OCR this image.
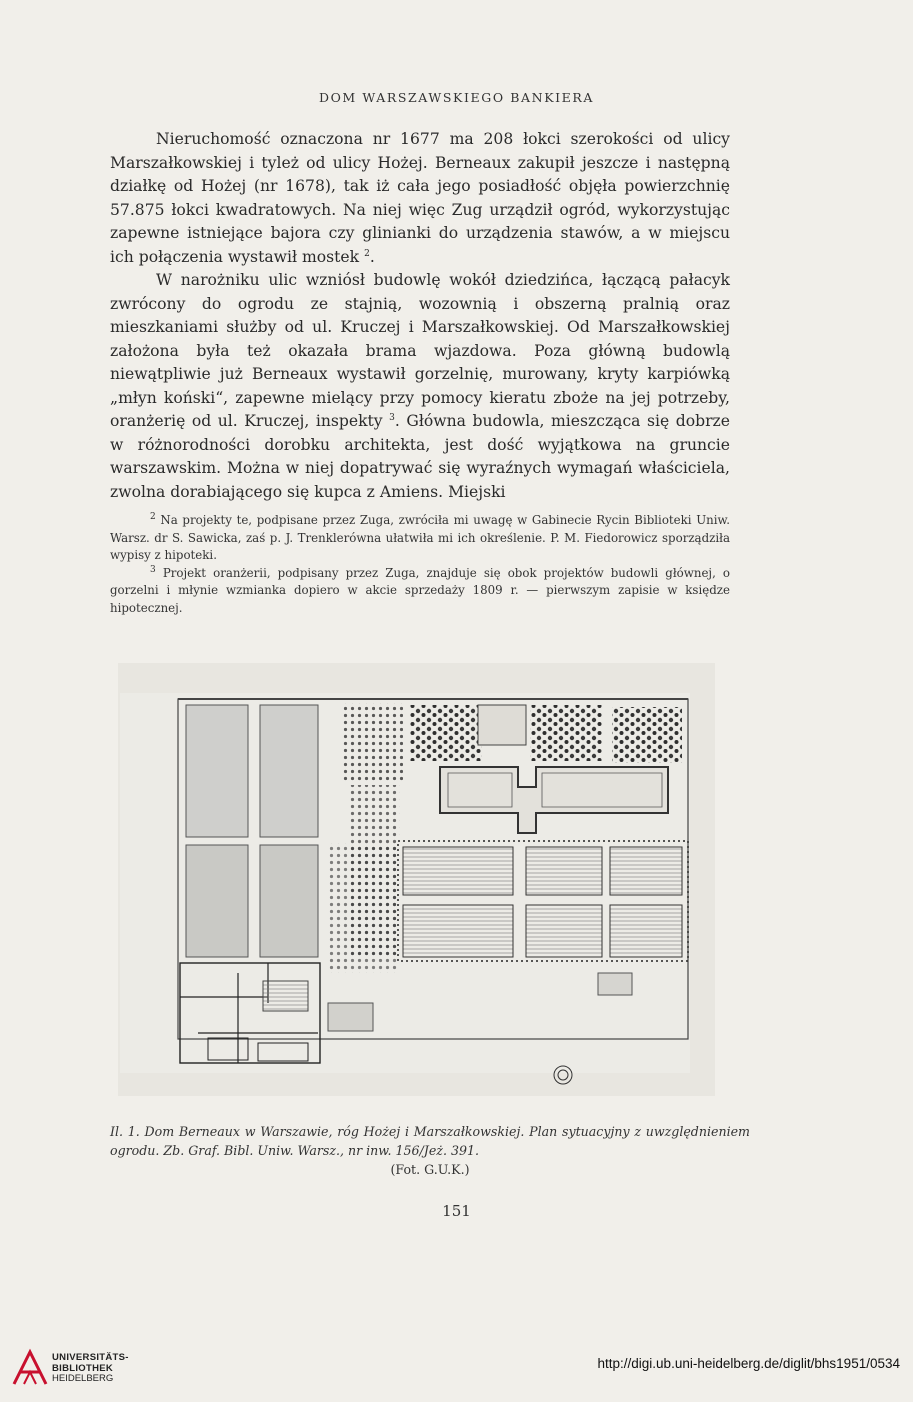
DOM WARSZAWSKIEGO BANKIERA

Nieruchomość oznaczona nr 1677 ma 208 łokci szerokości od ulicy Marszałkowskiej i tyleż od ulicy Hożej. Berneaux zakupił jeszcze i następną działkę od Hożej (nr 1678), tak iż cała jego posiadłość objęła powierzchnię 57.875 łokci kwadratowych. Na niej więc Zug urządził ogród, wykorzystując zapewne istniejące bajora czy glinianki do urządzenia stawów, a w miejscu ich połączenia wystawił mostek $^2$.

W narożniku ulic wzniósł budowlę wokół dziedzińca, łączącą pałacyk zwrócony do ogrodu ze stajnią, wozownią i obszerną pralnią oraz mieszkaniami służby od ul. Kruczej i Marszałkowskiej. Od Marszałkowskiej założona była też okazała brama wjazdowa. Poza główną budowlą niewątpliwie już Berneaux wystawił gorzelnię, murowany, kryty karpiówką „młyn koński“, zapewne mielący przy pomocy kieratu zboże na jej potrzeby, oranżerię od ul. Kruczej, inspekty $^3$. Główna budowla, mieszcząca się dobrze w różnorodności dorobku architekta, jest dość wyjątkowa na gruncie warszawskim. Można w niej dopatrywać się wyraźnych wymagań właściciela, zwolna dorabiającego się kupca z Amiens. Miejski

$^2$ Na projekty te, podpisane przez Zuga, zwróciła mi uwagę w Gabinecie Rycin Biblioteki Uniw. Warsz. dr S. Sawicka, zaś p. J. Trenklerówna ułatwiła mi ich określenie. P. M. Fiedorowicz sporządziła wypisy z hipoteki.

$^3$ Projekt oranżerii, podpisany przez Zuga, znajduje się obok projektów budowli głównej, o gorzelni i młynie wzmianka dopiero w akcie sprzedaży 1809 r. — pierwszym zapisie w księdze hipotecznej.

Il. 1. Dom Berneaux w Warszawie, róg Hożej i Marszałkowskiej. Plan sytuacyjny z uwzględnieniem ogrodu. Zb. Graf. Bibl. Uniw. Warsz., nr inw. 156/Jeż. 391.
(Fot. G.U.K.)
151
UNIVERSITÄTS-
BIBLIOTHEK
HEIDELBERG
http://digi.ub.uni-heidelberg.de/diglit/bhs1951/0534
